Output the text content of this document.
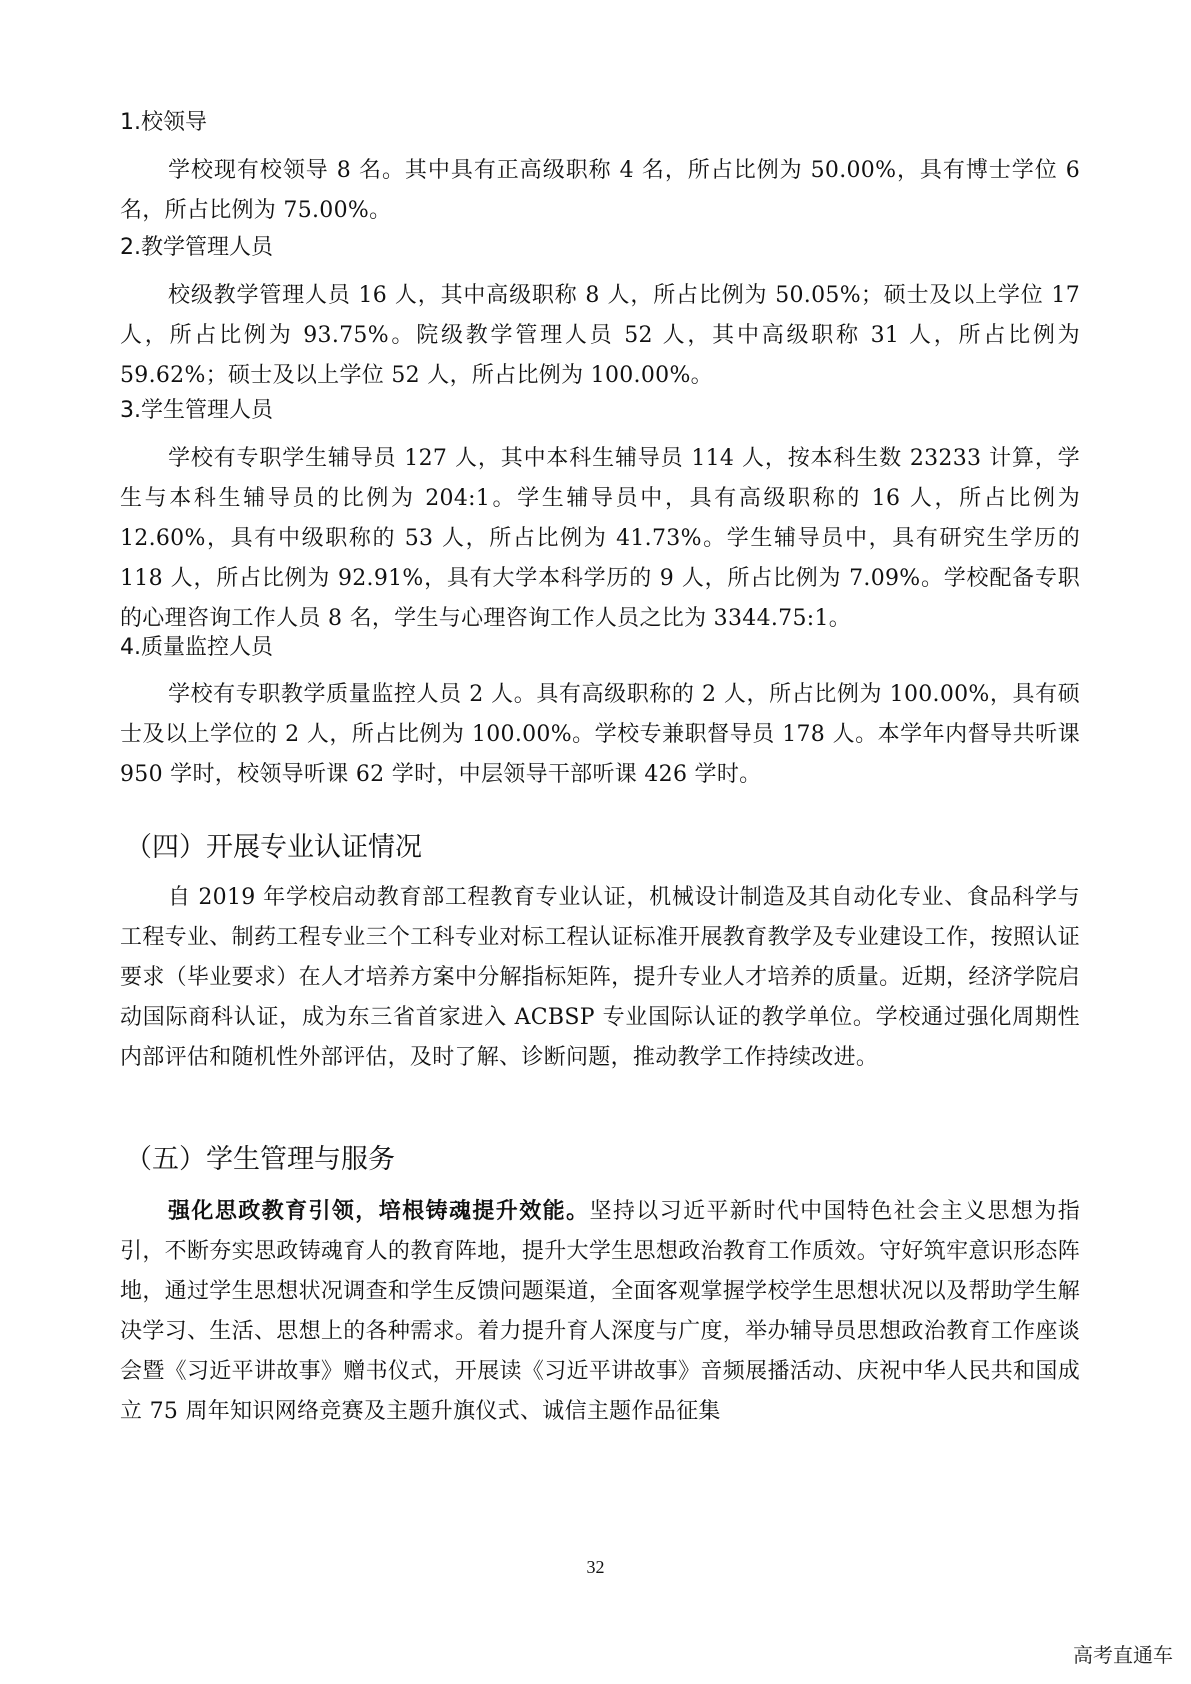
1.校领导

学校现有校领导 8 名。其中具有正高级职称 4 名，所占比例为 50.00%，具有博士学位 6 名，所占比例为 75.00%。

2.教学管理人员

校级教学管理人员 16 人，其中高级职称 8 人，所占比例为 50.05%；硕士及以上学位 17 人，所占比例为 93.75%。院级教学管理人员 52 人，其中高级职称 31 人，所占比例为 59.62%；硕士及以上学位 52 人，所占比例为 100.00%。

3.学生管理人员

学校有专职学生辅导员 127 人，其中本科生辅导员 114 人，按本科生数 23233 计算，学生与本科生辅导员的比例为 204:1。学生辅导员中，具有高级职称的 16 人，所占比例为 12.60%，具有中级职称的 53 人，所占比例为 41.73%。学生辅导员中，具有研究生学历的 118 人，所占比例为 92.91%，具有大学本科学历的 9 人，所占比例为 7.09%。学校配备专职的心理咨询工作人员 8 名，学生与心理咨询工作人员之比为 3344.75:1。

4.质量监控人员

学校有专职教学质量监控人员 2 人。具有高级职称的 2 人，所占比例为 100.00%，具有硕士及以上学位的 2 人，所占比例为 100.00%。学校专兼职督导员 178 人。本学年内督导共听课 950 学时，校领导听课 62 学时，中层领导干部听课 426 学时。

（四）开展专业认证情况

自 2019 年学校启动教育部工程教育专业认证，机械设计制造及其自动化专业、食品科学与工程专业、制药工程专业三个工科专业对标工程认证标准开展教育教学及专业建设工作，按照认证要求（毕业要求）在人才培养方案中分解指标矩阵，提升专业人才培养的质量。近期，经济学院启动国际商科认证，成为东三省首家进入 ACBSP 专业国际认证的教学单位。学校通过强化周期性内部评估和随机性外部评估，及时了解、诊断问题，推动教学工作持续改进。

（五）学生管理与服务

强化思政教育引领，培根铸魂提升效能。坚持以习近平新时代中国特色社会主义思想为指引，不断夯实思政铸魂育人的教育阵地，提升大学生思想政治教育工作质效。守好筑牢意识形态阵地，通过学生思想状况调查和学生反馈问题渠道，全面客观掌握学校学生思想状况以及帮助学生解决学习、生活、思想上的各种需求。着力提升育人深度与广度，举办辅导员思想政治教育工作座谈会暨《习近平讲故事》赠书仪式，开展读《习近平讲故事》音频展播活动、庆祝中华人民共和国成立 75 周年知识网络竞赛及主题升旗仪式、诚信主题作品征集

32
高考直通车
